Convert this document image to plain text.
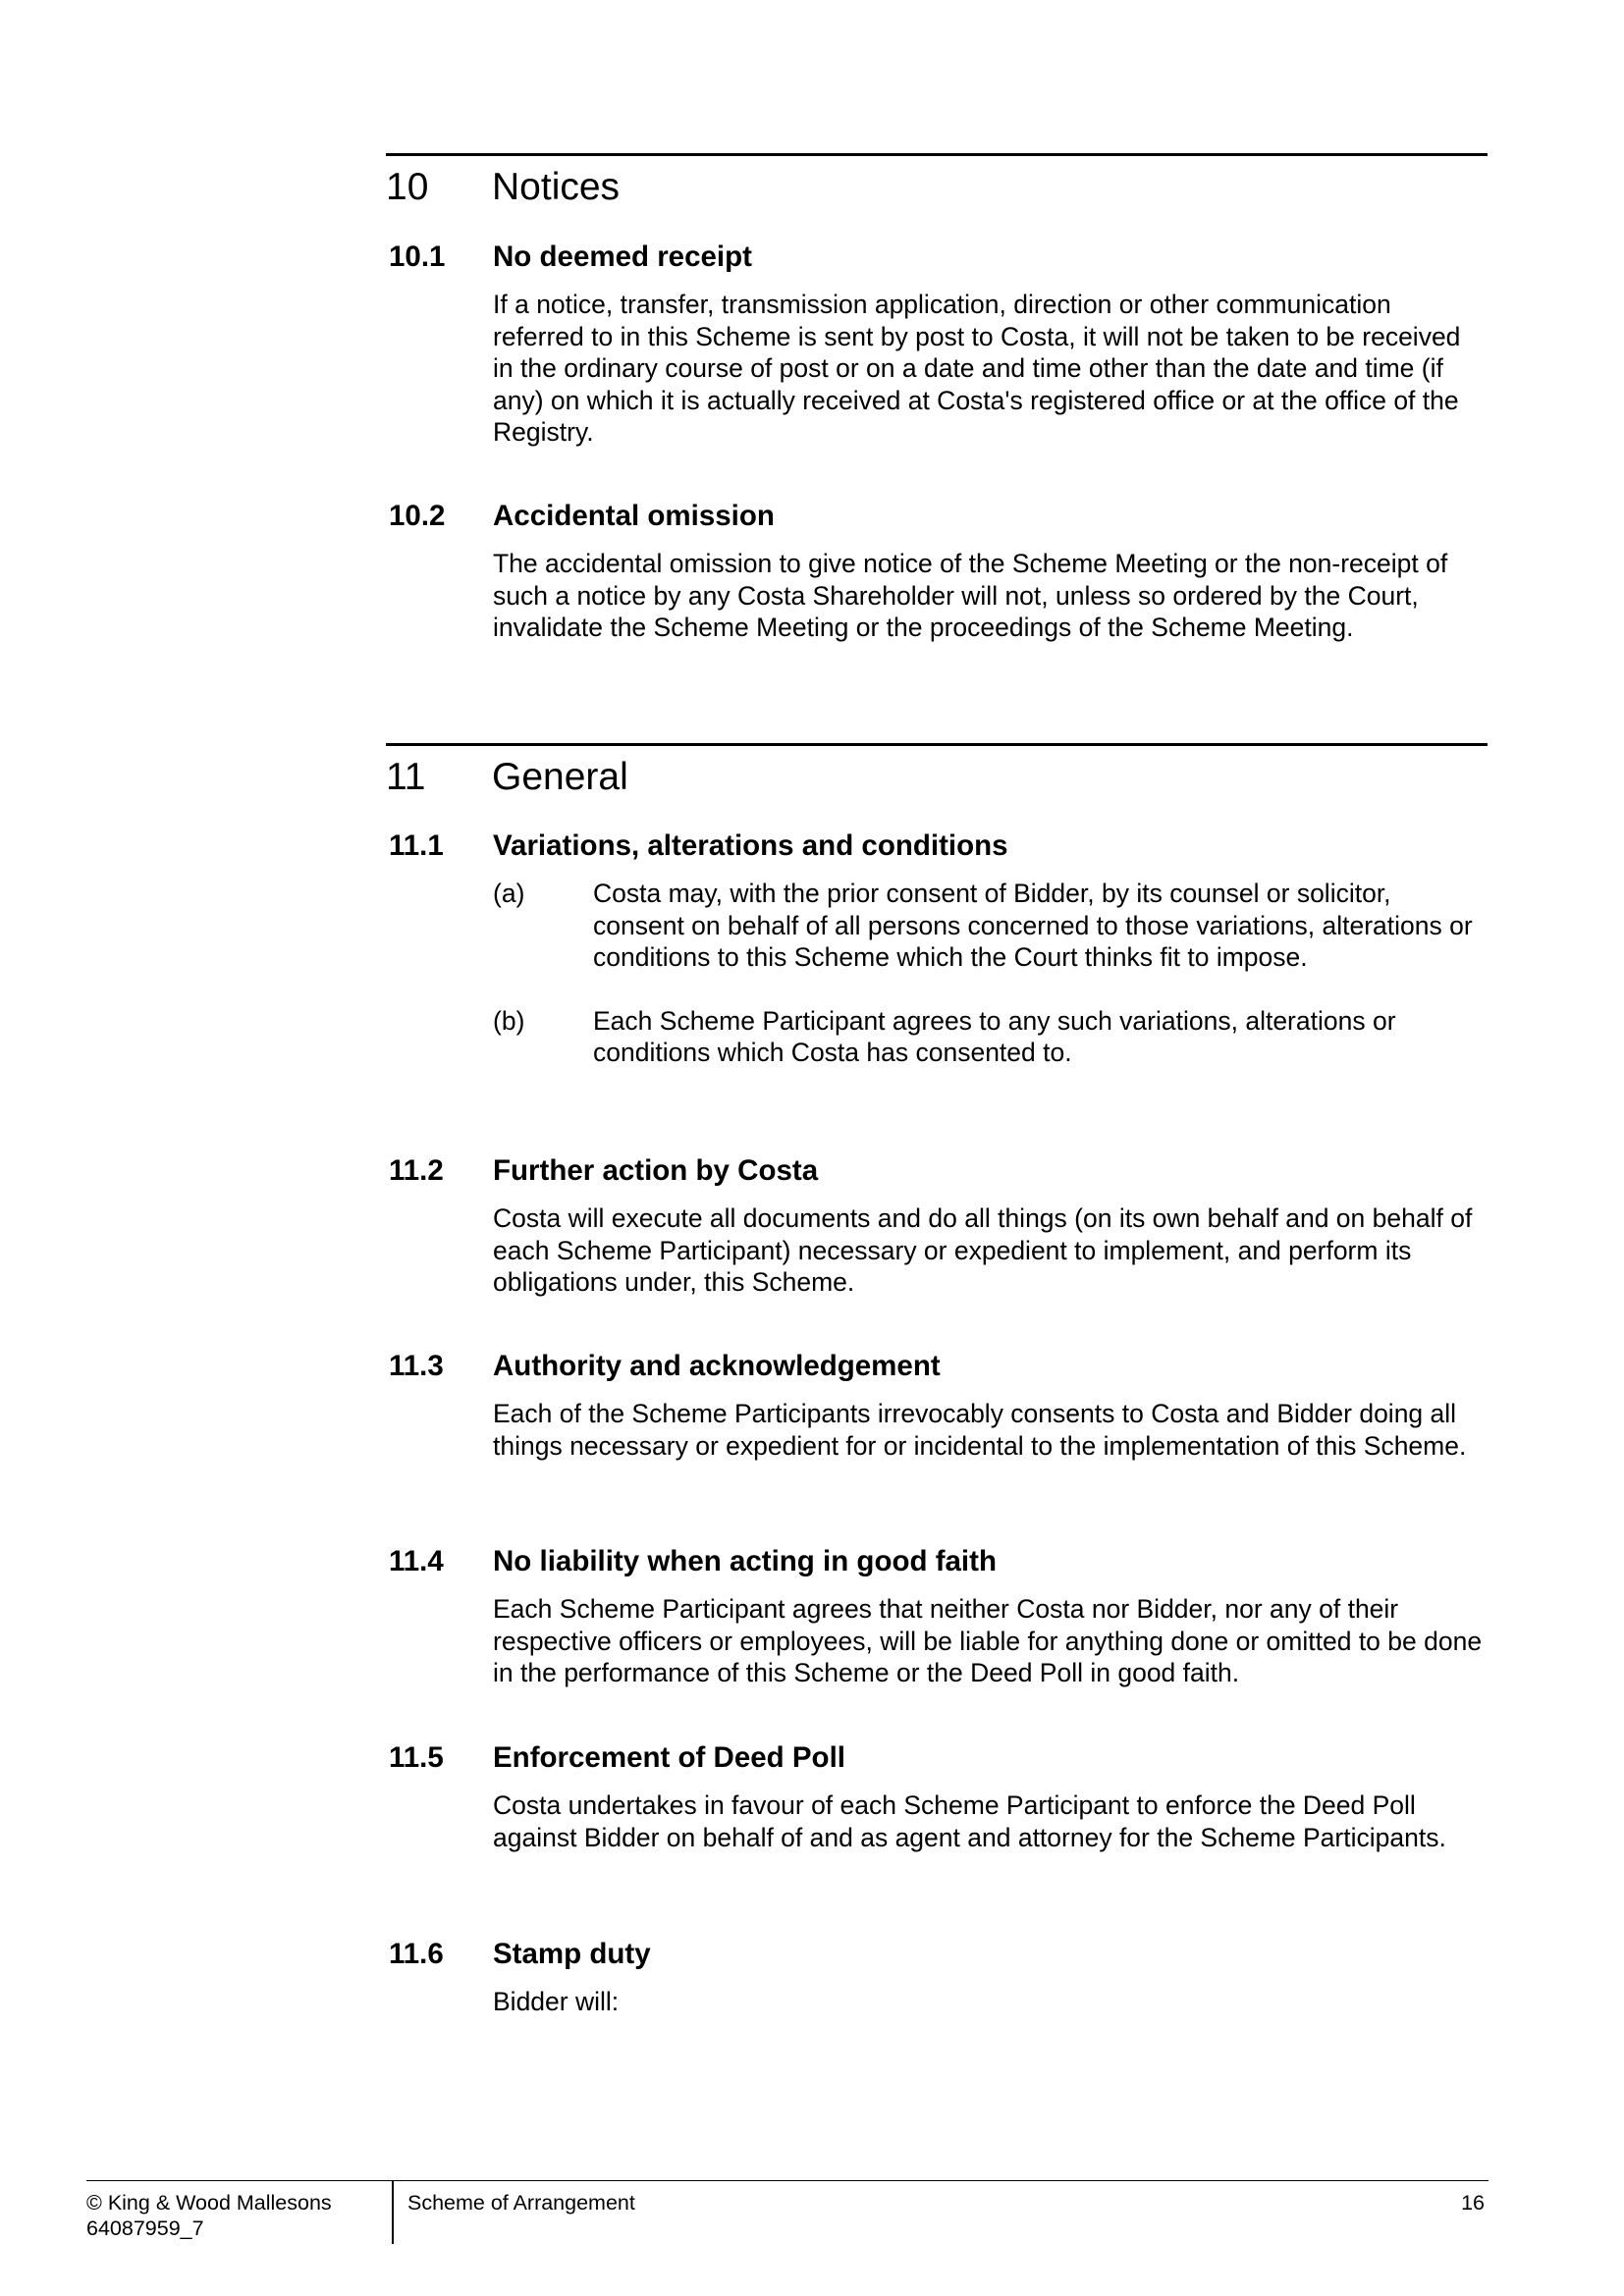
10	Notices
10.1	No deemed receipt

If a notice, transfer, transmission application, direction or other communication referred to in this Scheme is sent by post to Costa, it will not be taken to be received in the ordinary course of post or on a date and time other than the date and time (if any) on which it is actually received at Costa's registered office or at the office of the Registry.

10.2	Accidental omission

The accidental omission to give notice of the Scheme Meeting or the non-receipt of such a notice by any Costa Shareholder will not, unless so ordered by the Court, invalidate the Scheme Meeting or the proceedings of the Scheme Meeting.

11	General
11.1	Variations, alterations and conditions
(a)	Costa may, with the prior consent of Bidder, by its counsel or solicitor, consent on behalf of all persons concerned to those variations, alterations or conditions to this Scheme which the Court thinks fit to impose.
(b)	Each Scheme Participant agrees to any such variations, alterations or conditions which Costa has consented to.
11.2	Further action by Costa

Costa will execute all documents and do all things (on its own behalf and on behalf of each Scheme Participant) necessary or expedient to implement, and perform its obligations under, this Scheme.

11.3	Authority and acknowledgement

Each of the Scheme Participants irrevocably consents to Costa and Bidder doing all things necessary or expedient for or incidental to the implementation of this Scheme.

11.4	No liability when acting in good faith

Each Scheme Participant agrees that neither Costa nor Bidder, nor any of their respective officers or employees, will be liable for anything done or omitted to be done in the performance of this Scheme or the Deed Poll in good faith.

11.5	Enforcement of Deed Poll

Costa undertakes in favour of each Scheme Participant to enforce the Deed Poll against Bidder on behalf of and as agent and attorney for the Scheme Participants.

11.6	Stamp duty

Bidder will:

© King & Wood Mallesons
64087959_7
Scheme of Arrangement	16
